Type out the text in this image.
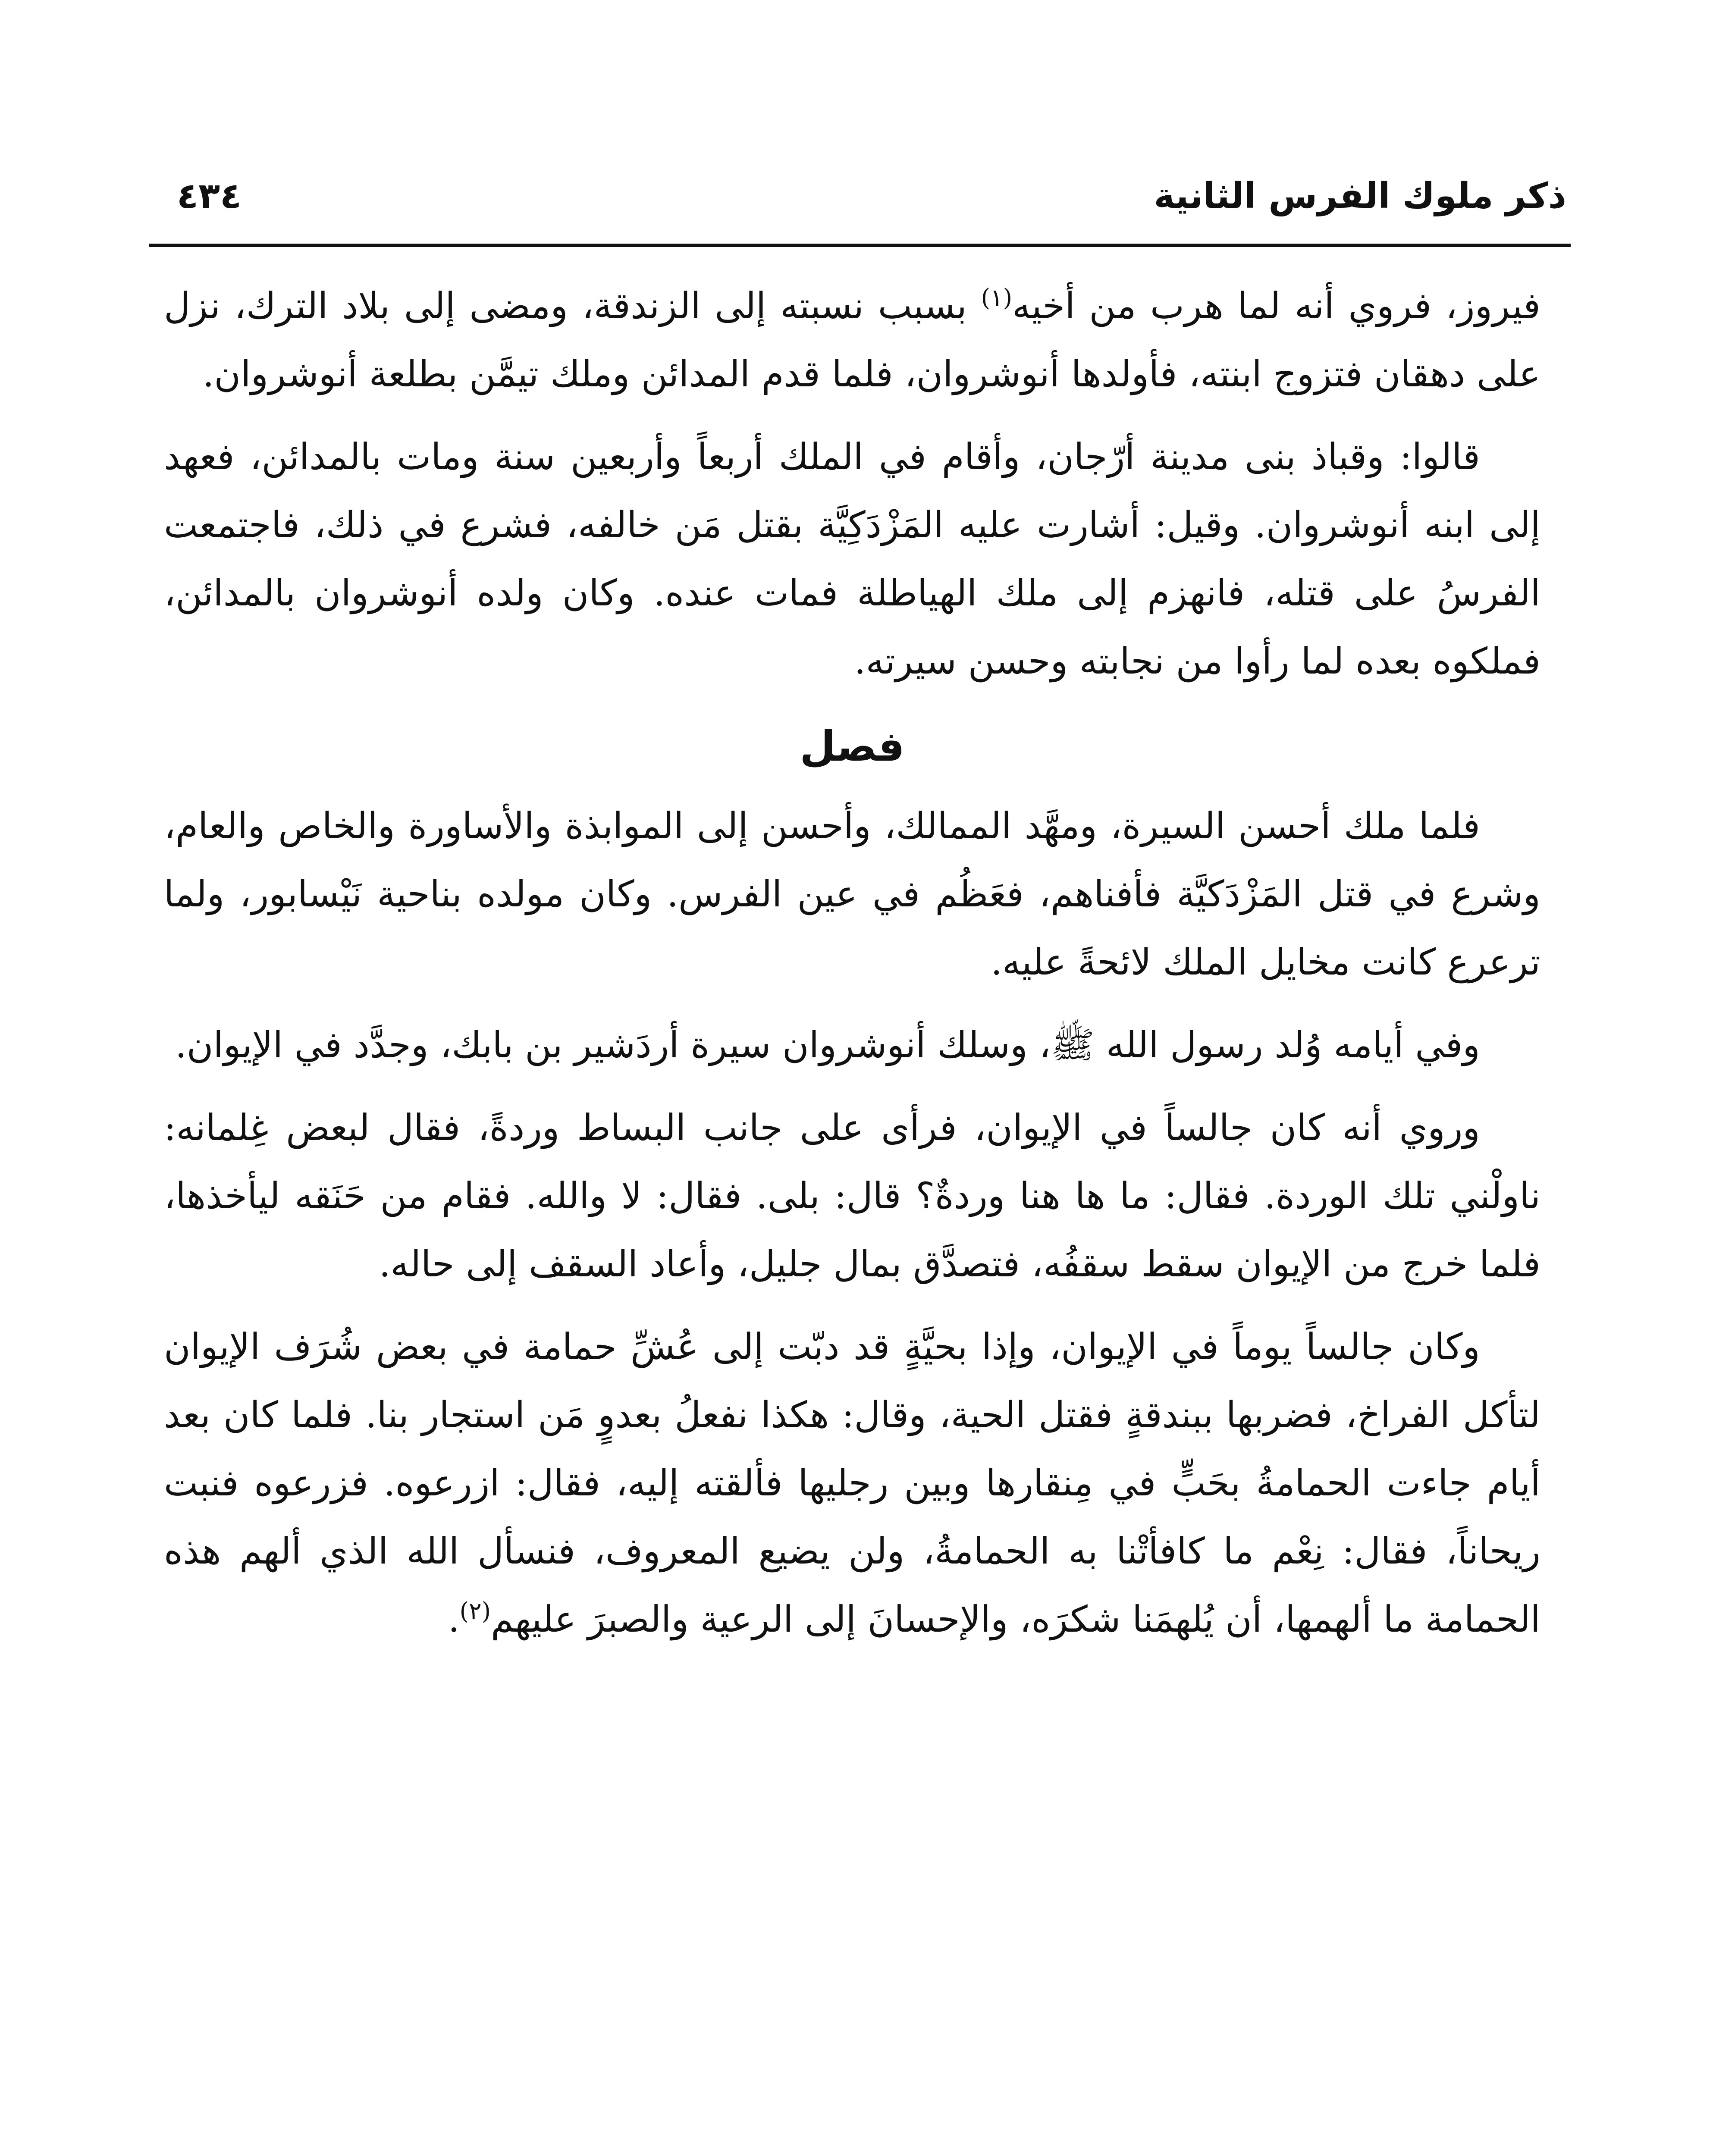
ذكر ملوك الفرس الثانية
٤٣٤

فيروز، فروي أنه لما هرب من أخيه$^{(١)}$ بسبب نسبته إلى الزندقة، ومضى إلى بلاد الترك، نزل على دهقان فتزوج ابنته، فأولدها أنوشروان، فلما قدم المدائن وملك تيمَّن بطلعة أنوشروان.

قالوا: وقباذ بنى مدينة أرّجان، وأقام في الملك أربعاً وأربعين سنة ومات بالمدائن، فعهد إلى ابنه أنوشروان. وقيل: أشارت عليه المَزْدَكِيَّة بقتل مَن خالفه، فشرع في ذلك، فاجتمعت الفرسُ على قتله، فانهزم إلى ملك الهياطلة فمات عنده. وكان ولده أنوشروان بالمدائن، فملكوه بعده لما رأوا من نجابته وحسن سيرته.

فصل

فلما ملك أحسن السيرة، ومهَّد الممالك، وأحسن إلى الموابذة والأساورة والخاص والعام، وشرع في قتل المَزْدَكيَّة فأفناهم، فعَظُم في عين الفرس. وكان مولده بناحية نَيْسابور، ولما ترعرع كانت مخايل الملك لائحةً عليه.

وفي أيامه وُلد رسول الله ﷺ، وسلك أنوشروان سيرة أردَشير بن بابك، وجدَّد في الإيوان.

وروي أنه كان جالساً في الإيوان، فرأى على جانب البساط وردةً، فقال لبعض غِلمانه: ناولْني تلك الوردة. فقال: ما ها هنا وردةٌ؟ قال: بلى. فقال: لا والله. فقام من حَنَقه ليأخذها، فلما خرج من الإيوان سقط سقفُه، فتصدَّق بمال جليل، وأعاد السقف إلى حاله.

وكان جالساً يوماً في الإيوان، وإذا بحيَّةٍ قد دبّت إلى عُشِّ حمامة في بعض شُرَف الإيوان لتأكل الفراخ، فضربها ببندقةٍ فقتل الحية، وقال: هكذا نفعلُ بعدوٍ مَن استجار بنا. فلما كان بعد أيام جاءت الحمامةُ بحَبٍّ في مِنقارها وبين رجليها فألقته إليه، فقال: ازرعوه. فزرعوه فنبت ريحاناً، فقال: نِعْم ما كافأتْنا به الحمامةُ، ولن يضيع المعروف، فنسأل الله الذي ألهم هذه الحمامة ما ألهمها، أن يُلهمَنا شكرَه، والإحسانَ إلى الرعية والصبرَ عليهم$^{(٢)}$.
